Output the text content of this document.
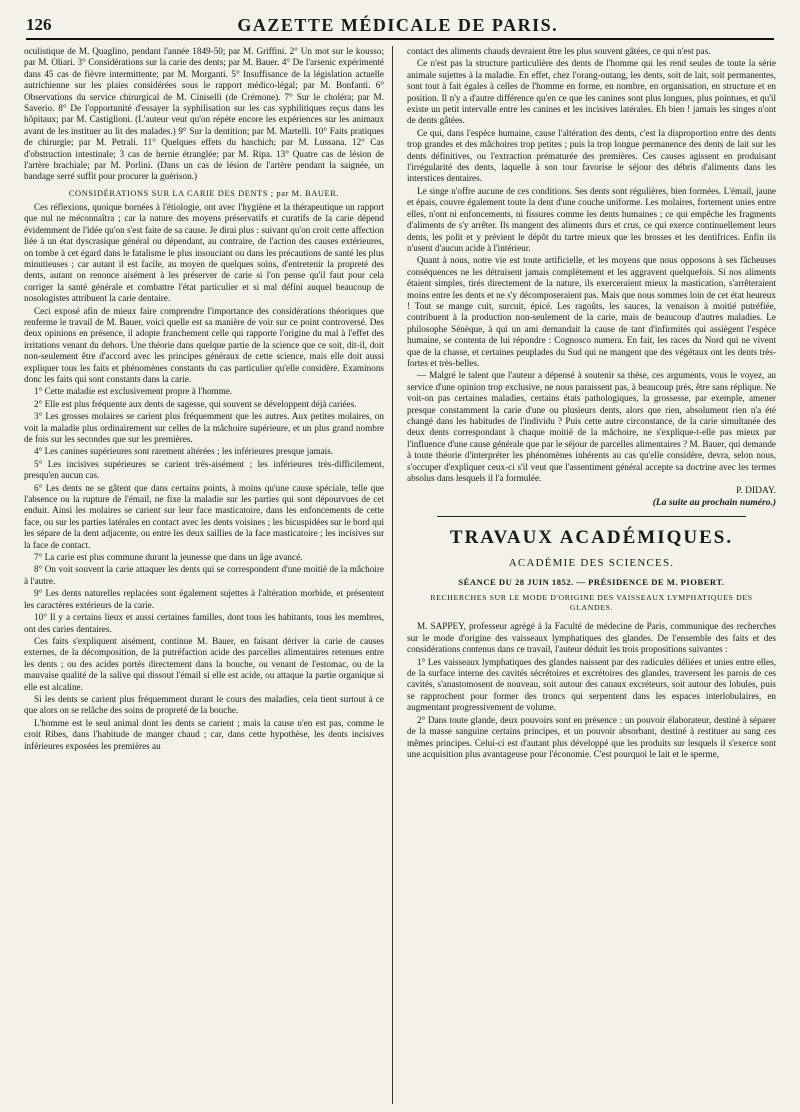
126	GAZETTE MÉDICALE DE PARIS.

oculistique de M. Quaglino, pendant l'année 1849-50; par M. Griffini. 2° Un mot sur le kousso; par M. Oliari. 3° Considérations sur la carie des dents; par M. Bauer. 4° De l'arsenic expérimenté dans 45 cas de fièvre intermittente; par M. Morganti. 5° Insuffisance de la législation actuelle autrichienne sur les plaies considérées sous le rapport médico-légal; par M. Bonfanti. 6° Observations du service chirurgical de M. Ciniselli (de Crémone). 7° Sur le choléra; par M. Saverio. 8° De l'opportunité d'essayer la syphilisation sur les cas syphilitiques reçus dans les hôpitaux; par M. Castiglioni. (L'auteur veut qu'on répète encore les expériences sur les animaux avant de les instituer au lit des malades.) 9° Sur la dentition; par M. Martelli. 10° Faits pratiques de chirurgie; par M. Petrali. 11° Quelques effets du haschich; par M. Lussana. 12° Cas d'obstruction intestinale; 3 cas de hernie étranglée; par M. Ripa. 13° Quatre cas de lésion de l'artère brachiale; par M. Porlini. (Dans un cas de lésion de l'artère pendant la saignée, un bandage serré suffit pour procurer la guérison.)

CONSIDÉRATIONS SUR LA CARIE DES DENTS ; par M. BAUER.

Ces réflexions, quoique bornées à l'étiologie, ont avec l'hygiène et la thérapeutique un rapport que nul ne méconnaîtra ; car la nature des moyens préservatifs et curatifs de la carie dépend évidemment de l'idée qu'on s'est faite de sa cause. Je dirai plus : suivant qu'on croit cette affection liée à un état dyscrasique général ou dépendant, au contraire, de l'action des causes extérieures, on tombe à cet égard dans le fatalisme le plus insouciant ou dans les précautions de santé les plus minutieuses ; car autant il est facile, au moyen de quelques soins, d'entretenir la propreté des dents, autant on renonce aisément à les préserver de carie si l'on pense qu'il faut pour cela corriger la santé générale et combattre l'état particulier et si mal défini auquel beaucoup de nosologistes attribuent la carie dentaire.

Ceci exposé afin de mieux faire comprendre l'importance des considérations théoriques que renferme le travail de M. Bauer, voici quelle est sa manière de voir sur ce point controversé. Des deux opinions en présence, il adopte franchement celle qui rapporte l'origine du mal à l'effet des irritations venant du dehors. Une théorie dans quelque partie de la science que ce soit, dit-il, doit non-seulement être d'accord avec les principes généraux de cette science, mais elle doit aussi expliquer tous les faits et phénomènes constants du cas particulier qu'elle considère. Examinons donc les faits qui sont constants dans la carie.

1° Cette maladie est exclusivement propre à l'homme.

2° Elle est plus fréquente aux dents de sagesse, qui souvent se développent déjà cariées.

3° Les grosses molaires se carient plus fréquemment que les autres. Aux petites molaires, on voit la maladie plus ordinairement sur celles de la mâchoire supérieure, et un plus grand nombre de fois sur les secondes que sur les premières.

4° Les canines supérieures sont rarement altérées ; les inférieures presque jamais.

5° Les incisives supérieures se carient très-aisément ; les inférieures très-difficilement, presqu'en aucun cas.

6° Les dents ne se gâtent que dans certains points, à moins qu'une cause spéciale, telle que l'absence ou la rupture de l'émail, ne fixe la maladie sur les parties qui sont dépourvues de cet enduit. Ainsi les molaires se carient sur leur face masticatoire, dans les enfoncements de cette face, ou sur les parties latérales en contact avec les dents voisines ; les bicuspidées sur le bord qui les sépare de la dent adjacente, ou entre les deux saillies de la face masticatoire ; les incisives sur la face de contact.

7° La carie est plus commune durant la jeunesse que dans un âge avancé.

8° On voit souvent la carie attaquer les dents qui se correspondent d'une moitié de la mâchoire à l'autre.

9° Les dents naturelles replacées sont également sujettes à l'altération morbide, et présentent les caractères extérieurs de la carie.

10° Il y a certains lieux et aussi certaines familles, dont tous les habitants, tous les membres, ont des caries dentaires.

Ces faits s'expliquent aisément, continue M. Bauer, en faisant dériver la carie de causes externes, de la décomposition, de la putréfaction acide des parcelles alimentaires retenues entre les dents ; ou des acides portés directement dans la bouche, ou venant de l'estomac, ou de la mauvaise qualité de la salive qui dissout l'émail si elle est acide, ou attaque la partie organique si elle est alcaline.

Si les dents se carient plus fréquemment durant le cours des maladies, cela tient surtout à ce que alors on se relâche des soins de propreté de la bouche.

L'homme est le seul animal dont les dents se carient ; mais la cause n'en est pas, comme le croit Ribes, dans l'habitude de manger chaud ; car, dans cette hypothèse, les dents incisives inférieures exposées les premières au

contact des aliments chauds devraient être les plus souvent gâtées, ce qui n'est pas.

Ce n'est pas la structure particulière des dents de l'homme qui les rend seules de toute la série animale sujettes à la maladie. En effet, chez l'orang-outang, les dents, soit de lait, soit permanentes, sont tout à fait égales à celles de l'homme en forme, en nombre, en organisation, en structure et en position. Il n'y a d'autre différence qu'en ce que les canines sont plus longues, plus pointues, et qu'il existe un petit intervalle entre les canines et les incisives latérales. Eh bien ! jamais les singes n'ont de dents gâtées.

Ce qui, dans l'espèce humaine, cause l'altération des dents, c'est la disproportion entre des dents trop grandes et des mâchoires trop petites ; puis la trop longue permanence des dents de lait sur les dents définitives, ou l'extraction prématurée des premières. Ces causes agissent en produisant l'irrégularité des dents, laquelle à son tour favorise le séjour des débris d'aliments dans les interstices dentaires.

Le singe n'offre aucune de ces conditions. Ses dents sont régulières, bien formées. L'émail, jaune et épais, couvre également toute la dent d'une couche uniforme. Les molaires, fortement unies entre elles, n'ont ni enfoncements, ni fissures comme les dents humaines ; ce qui empêche les fragments d'aliments de s'y arrêter. Ils mangent des aliments durs et crus, ce qui exerce continuellement leurs dents, les polit et y prévient le dépôt du tartre mieux que les brosses et les dentifrices. Enfin ils n'usent d'aucun acide à l'intérieur.

Quant à nous, notre vie est toute artificielle, et les moyens que nous opposons à ses fâcheuses conséquences ne les détruisent jamais complètement et les aggravent quelquefois. Si nos aliments étaient simples, tirés directement de la nature, ils exerceraient mieux la mastication, s'arrêteraient moins entre les dents et ne s'y décomposeraient pas. Mais que nous sommes loin de cet état heureux ! Tout se mange cuit, surcuit, épicé. Les ragoûts, les sauces, la venaison à moitié putréfiée, contribuent à la production non-seulement de la carie, mais de beaucoup d'autres maladies. Le philosophe Sénèque, à qui un ami demandait la cause de tant d'infirmités qui assiègent l'espèce humaine, se contenta de lui répondre : Cognosco numera. En fait, les races du Nord qui ne vivent que de la chasse, et certaines peuplades du Sud qui ne mangent que des végétaux ont les dents très-fortes et très-belles.

— Malgré le talent que l'auteur a dépensé à soutenir sa thèse, ces arguments, vous le voyez, au service d'une opinion trop exclusive, ne nous paraissent pas, à beaucoup près, être sans réplique. Ne voit-on pas certaines maladies, certains états pathologiques, la grossesse, par exemple, amener presque constamment la carie d'une ou plusieurs dents, alors que rien, absolument rien n'a été changé dans les habitudes de l'individu ? Puis cette autre circonstance, de la carie simultanée des deux dents correspondant à chaque moitié de la mâchoire, ne s'explique-t-elle pas mieux par l'influence d'une cause générale que par le séjour de parcelles alimentaires ? M. Bauer, qui demande à toute théorie d'interpréter les phénomènes inhérents au cas qu'elle considère, devra, selon nous, s'occuper d'expliquer ceux-ci s'il veut que l'assentiment général accepte sa doctrine avec les termes absolus dans lesquels il l'a formulée.

P. DIDAY.
(La suite au prochain numéro.)
TRAVAUX ACADÉMIQUES.
ACADÉMIE DES SCIENCES.
SÉANCE DU 28 JUIN 1852. — PRÉSIDENCE DE M. PIOBERT.
RECHERCHES SUR LE MODE D'ORIGINE DES VAISSEAUX LYMPHATIQUES DES GLANDES.

M. SAPPEY, professeur agrégé à la Faculté de médecine de Paris, communique des recherches sur le mode d'origine des vaisseaux lymphatiques des glandes. De l'ensemble des faits et des considérations contenus dans ce travail, l'auteur déduit les trois propositions suivantes :

1° Les vaisseaux lymphatiques des glandes naissent par des radicules déliées et unies entre elles, de la surface interne des cavités sécrétoires et excrétoires des glandes, traversent les parois de ces cavités, s'anastomosent de nouveau, soit autour des canaux excréteurs, soit autour des lobules, puis se rapprochent pour former des troncs qui serpentent dans les espaces interlobulaires, en augmentant progressivement de volume.

2° Dans toute glande, deux pouvoirs sont en présence : un pouvoir élaborateur, destiné à séparer de la masse sanguine certains principes, et un pouvoir absorbant, destiné à restituer au sang ces mêmes principes. Celui-ci est d'autant plus développé que les produits sur lesquels il s'exerce sont une acquisition plus avantageuse pour l'économie. C'est pourquoi le lait et le sperme,
